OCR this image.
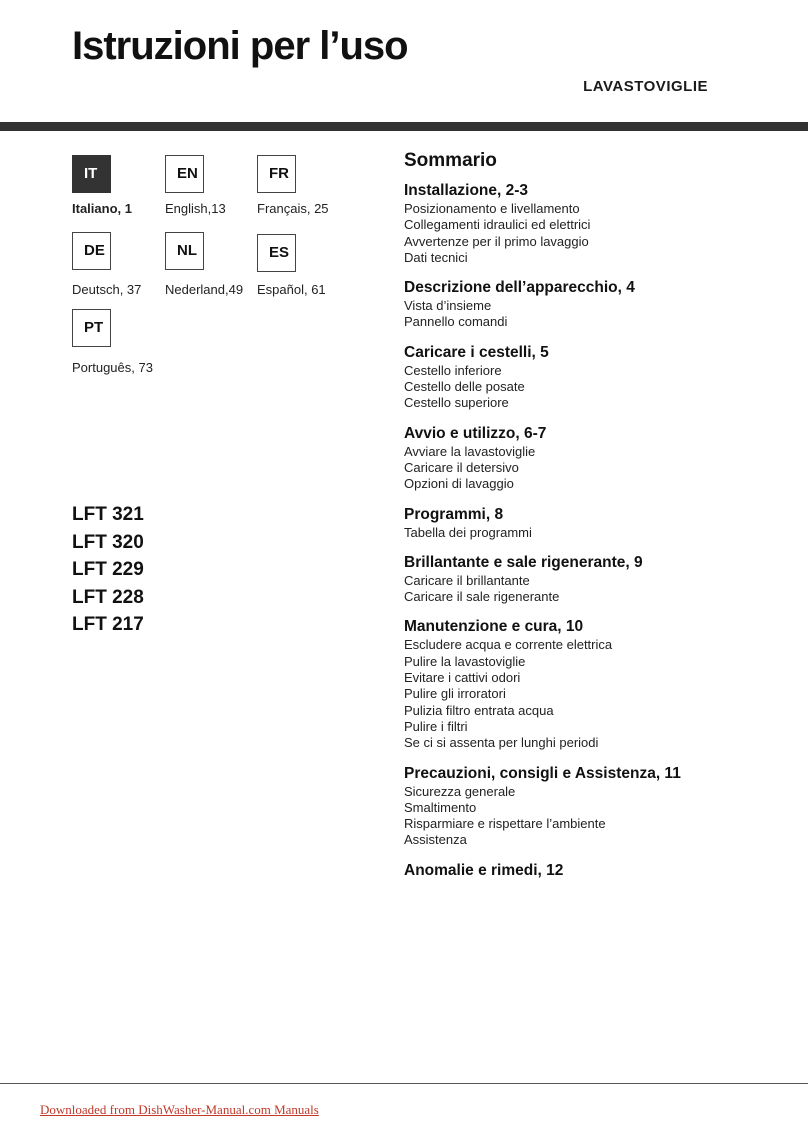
Istruzioni per l’uso
LAVASTOVIGLIE
IT
Italiano, 1
EN
English,13
FR
Français, 25
DE
Deutsch, 37
NL
Nederland,49
ES
Español, 61
PT
Português, 73
LFT 321
LFT 320
LFT 229
LFT 228
LFT 217
Sommario
Installazione, 2-3
Posizionamento e livellamento
Collegamenti idraulici ed elettrici
Avvertenze per il primo lavaggio
Dati tecnici
Descrizione dell’apparecchio, 4
Vista d’insieme
Pannello comandi
Caricare i cestelli, 5
Cestello inferiore
Cestello delle posate
Cestello superiore
Avvio e utilizzo, 6-7
Avviare la lavastoviglie
Caricare il detersivo
Opzioni di lavaggio
Programmi, 8
Tabella dei programmi
Brillantante e sale rigenerante, 9
Caricare il brillantante
Caricare il sale rigenerante
Manutenzione e cura, 10
Escludere acqua e corrente elettrica
Pulire la lavastoviglie
Evitare i cattivi odori
Pulire gli irroratori
Pulizia filtro entrata acqua
Pulire i filtri
Se ci si assenta per lunghi periodi
Precauzioni, consigli e Assistenza, 11
Sicurezza generale
Smaltimento
Risparmiare e rispettare l’ambiente
Assistenza
Anomalie e rimedi, 12
Downloaded from DishWasher-Manual.com Manuals
